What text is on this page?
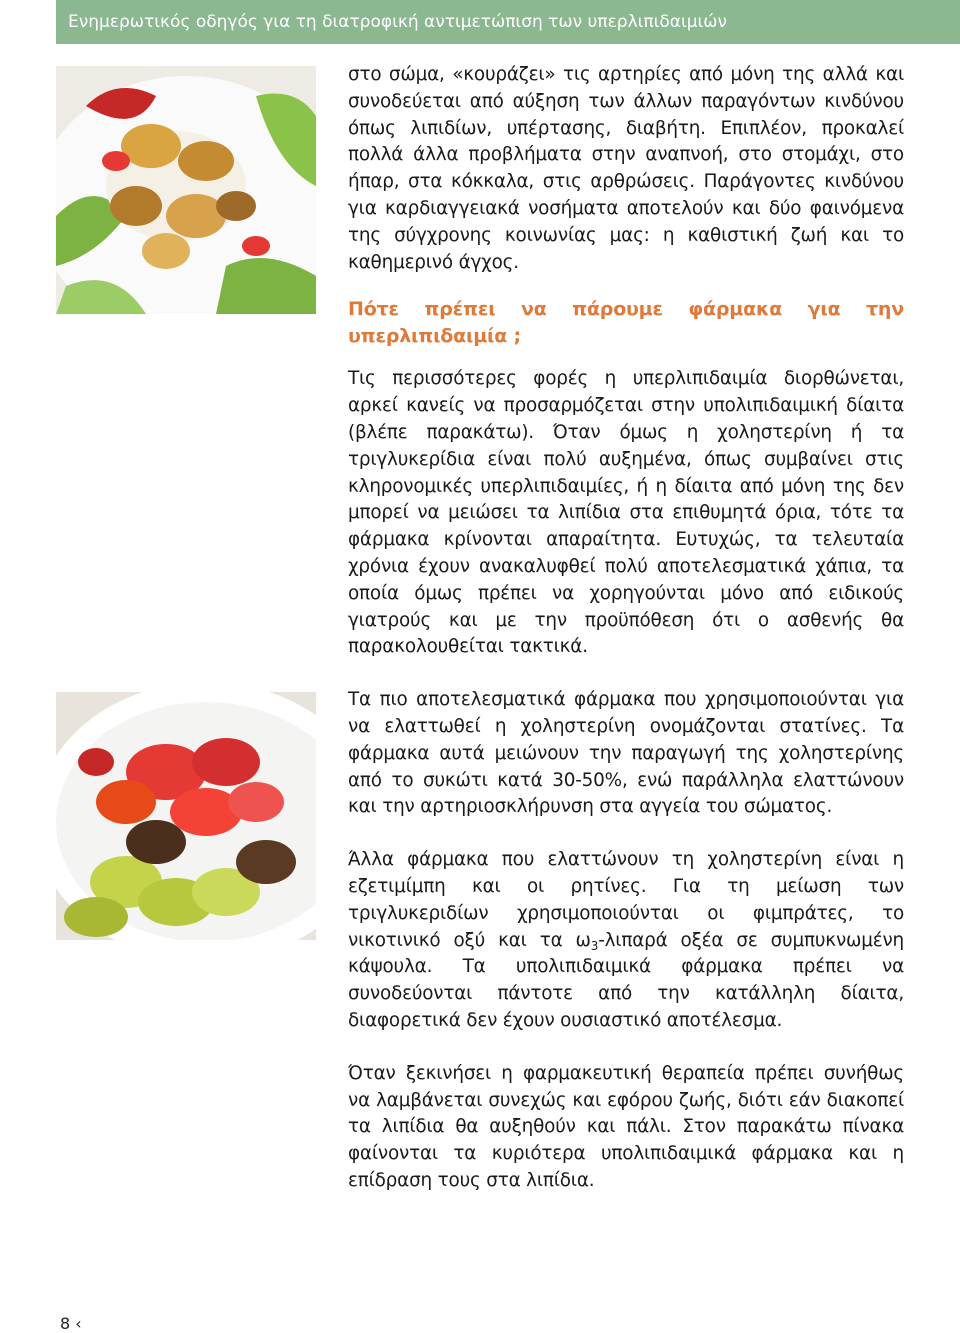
Ενημερωτικός οδηγός για τη διατροφική αντιμετώπιση των υπερλιπιδαιμιών

στο σώμα, «κουράζει» τις αρτηρίες από μόνη της αλλά και συνοδεύεται από αύξηση των άλλων παραγόντων κινδύνου όπως λιπιδίων, υπέρτασης, διαβήτη. Επιπλέον, προκαλεί πολλά άλλα προβλήματα στην αναπνοή, στο στομάχι, στο ήπαρ, στα κόκκαλα, στις αρθρώσεις. Παράγοντες κινδύνου για καρδιαγγειακά νοσήματα αποτελούν και δύο φαινόμενα της σύγχρονης κοινωνίας μας: η καθιστική ζωή και το καθημερινό άγχος.

Πότε πρέπει να πάρουμε φάρμακα για την υπερλιπιδαιμία ;

Τις περισσότερες φορές η υπερλιπιδαιμία διορθώνεται, αρκεί κανείς να προσαρμόζεται στην υπολιπιδαιμική δίαιτα (βλέπε παρακάτω). Όταν όμως η χοληστερίνη ή τα τριγλυκερίδια είναι πολύ αυξημένα, όπως συμβαίνει στις κληρονομικές υπερλιπιδαιμίες, ή η δίαιτα από μόνη της δεν μπορεί να μειώσει τα λιπίδια στα επιθυμητά όρια, τότε τα φάρμακα κρίνονται απαραίτητα. Ευτυχώς, τα τελευταία χρόνια έχουν ανακαλυφθεί πολύ αποτελεσματικά χάπια, τα οποία όμως πρέπει να χορηγούνται μόνο από ειδικούς γιατρούς και με την προϋπόθεση ότι ο ασθενής θα παρακολουθείται τακτικά.

Τα πιο αποτελεσματικά φάρμακα που χρησιμοποιούνται για να ελαττωθεί η χοληστερίνη ονομάζονται στατίνες. Τα φάρμακα αυτά μειώνουν την παραγωγή της χοληστερίνης από το συκώτι κατά 30-50%, ενώ παράλληλα ελαττώνουν και την αρτηριοσκλήρυνση στα αγγεία του σώματος.

Άλλα φάρμακα που ελαττώνουν τη χοληστερίνη είναι η εζετιμίμπη και οι ρητίνες. Για τη μείωση των τριγλυκεριδίων χρησιμοποιούνται οι φιμπράτες, το νικοτινικό οξύ και τα $\omega_3$-λιπαρά οξέα σε συμπυκνωμένη κάψουλα. Τα υπολιπιδαιμικά φάρμακα πρέπει να συνοδεύονται πάντοτε από την κατάλληλη δίαιτα, διαφορετικά δεν έχουν ουσιαστικό αποτέλεσμα.

Όταν ξεκινήσει η φαρμακευτική θεραπεία πρέπει συνήθως να λαμβάνεται συνεχώς και εφόρου ζωής, διότι εάν διακοπεί τα λιπίδια θα αυξηθούν και πάλι. Στον παρακάτω πίνακα φαίνονται τα κυριότερα υπολιπιδαιμικά φάρμακα και η επίδραση τους στα λιπίδια.

8 ‹
